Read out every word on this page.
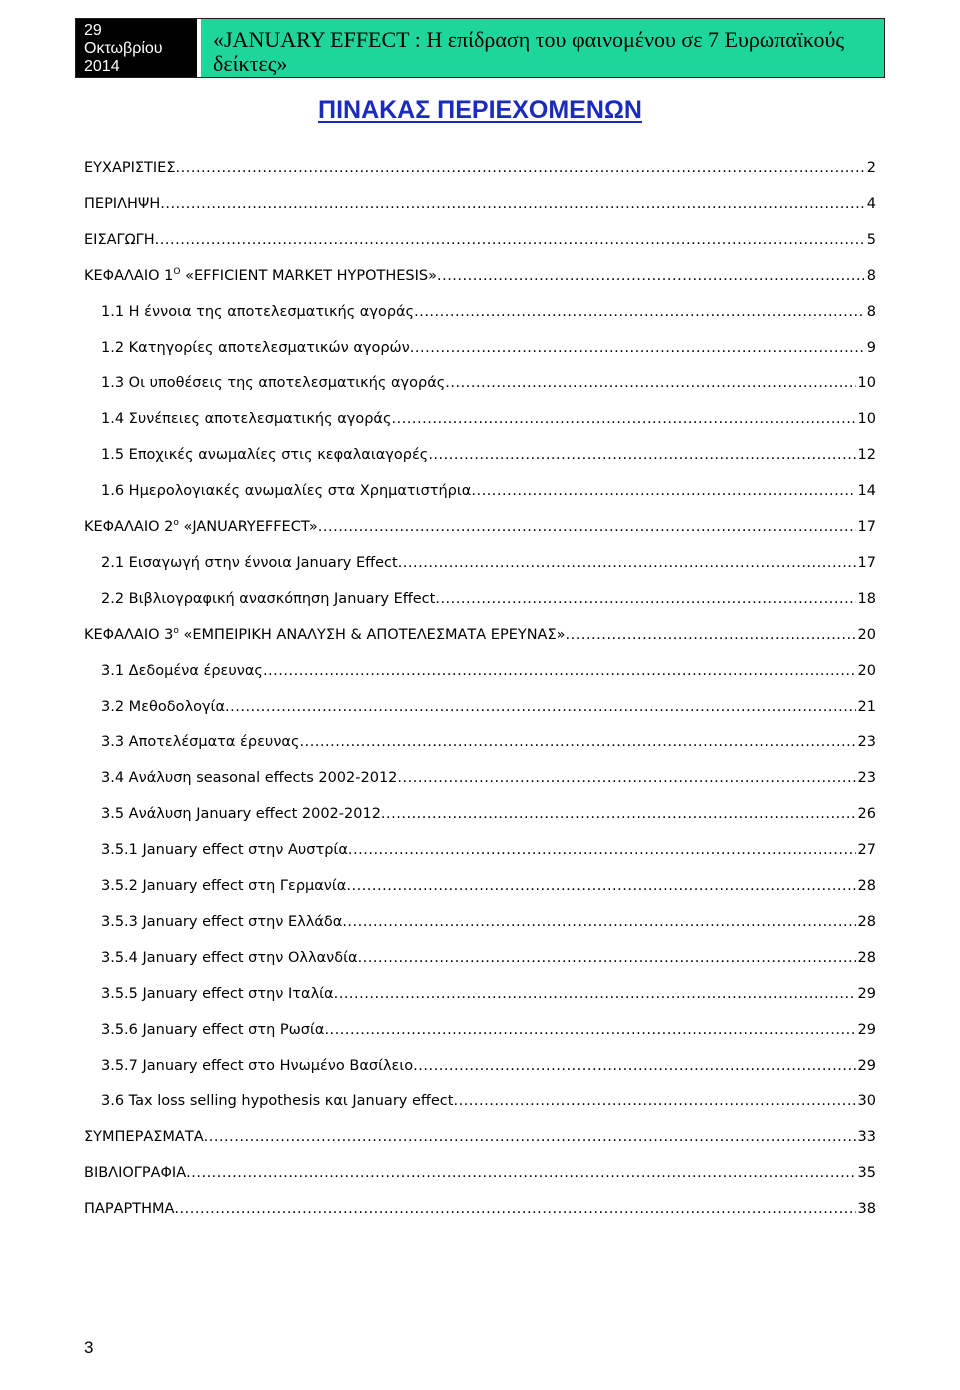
29
Οκτωβρίου
2014
«JANUARY EFFECT : Η επίδραση του φαινομένου σε 7 Ευρωπαϊκούς δείκτες»
ΠΙΝΑΚΑΣ ΠΕΡΙΕΧΟΜΕΝΩΝ
ΕΥΧΑΡΙΣΤΙΕΣ .....	2
ΠΕΡΙΛΗΨΗ .....	4
ΕΙΣΑΓΩΓΗ .....	5
ΚΕΦΑΛΑΙΟ $1^O$ «EFFICIENT MARKET HYPOTHESIS» .....	8
1.1 Η έννοια της αποτελεσματικής αγοράς .....	8
1.2 Κατηγορίες αποτελεσματικών αγορών .....	9
1.3 Οι υποθέσεις της αποτελεσματικής αγοράς .....	10
1.4 Συνέπειες αποτελεσματικής αγοράς .....	10
1.5 Εποχικές ανωμαλίες στις κεφαλαιαγορές .....	12
1.6 Ημερολογιακές ανωμαλίες στα Χρηματιστήρια .....	14
ΚΕΦΑΛΑΙΟ $2^o$ «JANUARYEFFECT» .....	17
2.1 Εισαγωγή στην έννοια January Effect .....	17
2.2 Βιβλιογραφική ανασκόπηση January Effect .....	18
ΚΕΦΑΛΑΙΟ $3^o$ «ΕΜΠΕΙΡΙΚΗ ΑΝΑΛΥΣΗ & ΑΠΟΤΕΛΕΣΜΑΤΑ ΕΡΕΥΝΑΣ» .....	20
3.1 Δεδομένα έρευνας .....	20
3.2 Μεθοδολογία .....	21
3.3 Αποτελέσματα έρευνας .....	23
3.4 Ανάλυση seasonal effects 2002-2012 .....	23
3.5 Ανάλυση January effect 2002-2012 .....	26
3.5.1 January effect στην Αυστρία .....	27
3.5.2 January effect στη Γερμανία .....	28
3.5.3 January effect στην Ελλάδα .....	28
3.5.4 January effect στην Ολλανδία .....	28
3.5.5 January effect στην Ιταλία .....	29
3.5.6 January effect στη Ρωσία .....	29
3.5.7 January effect στο Ηνωμένο Βασίλειο .....	29
3.6 Tax loss selling hypothesis και January effect .....	30
ΣΥΜΠΕΡΑΣΜΑΤΑ .....	33
ΒΙΒΛΙΟΓΡΑΦΙΑ .....	35
ΠΑΡΑΡΤΗΜΑ .....	38
3
